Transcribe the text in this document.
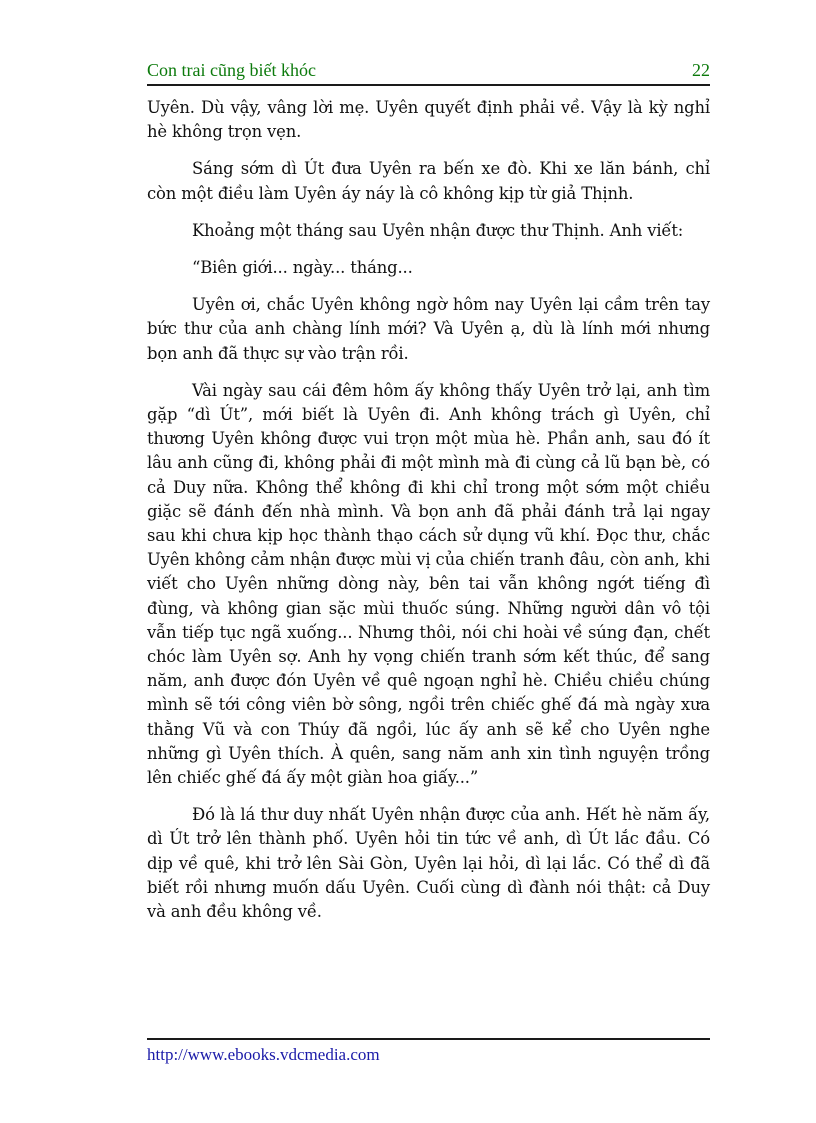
Con trai cũng biết khóc	22

Uyên. Dù vậy, vâng lời mẹ. Uyên quyết định phải về. Vậy là kỳ nghỉ hè không trọn vẹn.

Sáng sớm dì Út đưa Uyên ra bến xe đò. Khi xe lăn bánh, chỉ còn một điều làm Uyên áy náy là cô không kịp từ giả Thịnh.

Khoảng một tháng sau Uyên nhận được thư Thịnh. Anh viết:

“Biên giới... ngày... tháng...

Uyên ơi, chắc Uyên không ngờ hôm nay Uyên lại cầm trên tay bức thư của anh chàng lính mới? Và Uyên ạ, dù là lính mới nhưng bọn anh đã thực sự vào trận rồi.

Vài ngày sau cái đêm hôm ấy không thấy Uyên trở lại, anh tìm gặp “dì Út”, mới biết là Uyên đi. Anh không trách gì Uyên, chỉ thương Uyên không được vui trọn một mùa hè. Phần anh, sau đó ít lâu anh cũng đi, không phải đi một mình mà đi cùng cả lũ bạn bè, có cả Duy nữa. Không thể không đi khi chỉ trong một sớm một chiều giặc sẽ đánh đến nhà mình. Và bọn anh đã phải đánh trả lại ngay sau khi chưa kịp học thành thạo cách sử dụng vũ khí. Đọc thư, chắc Uyên không cảm nhận được mùi vị của chiến tranh đâu, còn anh, khi viết cho Uyên những dòng này, bên tai vẫn không ngớt tiếng đì đùng, và không gian sặc mùi thuốc súng. Những người dân vô tội vẫn tiếp tục ngã xuống... Nhưng thôi, nói chi hoài về súng đạn, chết chóc làm Uyên sợ. Anh hy vọng chiến tranh sớm kết thúc, để sang năm, anh được đón Uyên về quê ngoạn nghỉ hè. Chiều chiều chúng mình sẽ tới công viên bờ sông, ngồi trên chiếc ghế đá mà ngày xưa thằng Vũ và con Thúy đã ngồi, lúc ấy anh sẽ kể cho Uyên nghe những gì Uyên thích. À quên, sang năm anh xin tình nguyện trồng lên chiếc ghế đá ấy một giàn hoa giấy...”

Đó là lá thư duy nhất Uyên nhận được của anh. Hết hè năm ấy, dì Út trở lên thành phố. Uyên hỏi tin tức về anh, dì Út lắc đầu. Có dịp về quê, khi trở lên Sài Gòn, Uyên lại hỏi, dì lại lắc. Có thể dì đã biết rồi nhưng muốn dấu Uyên. Cuối cùng dì đành nói thật: cả Duy và anh đều không về.

http://www.ebooks.vdcmedia.com
